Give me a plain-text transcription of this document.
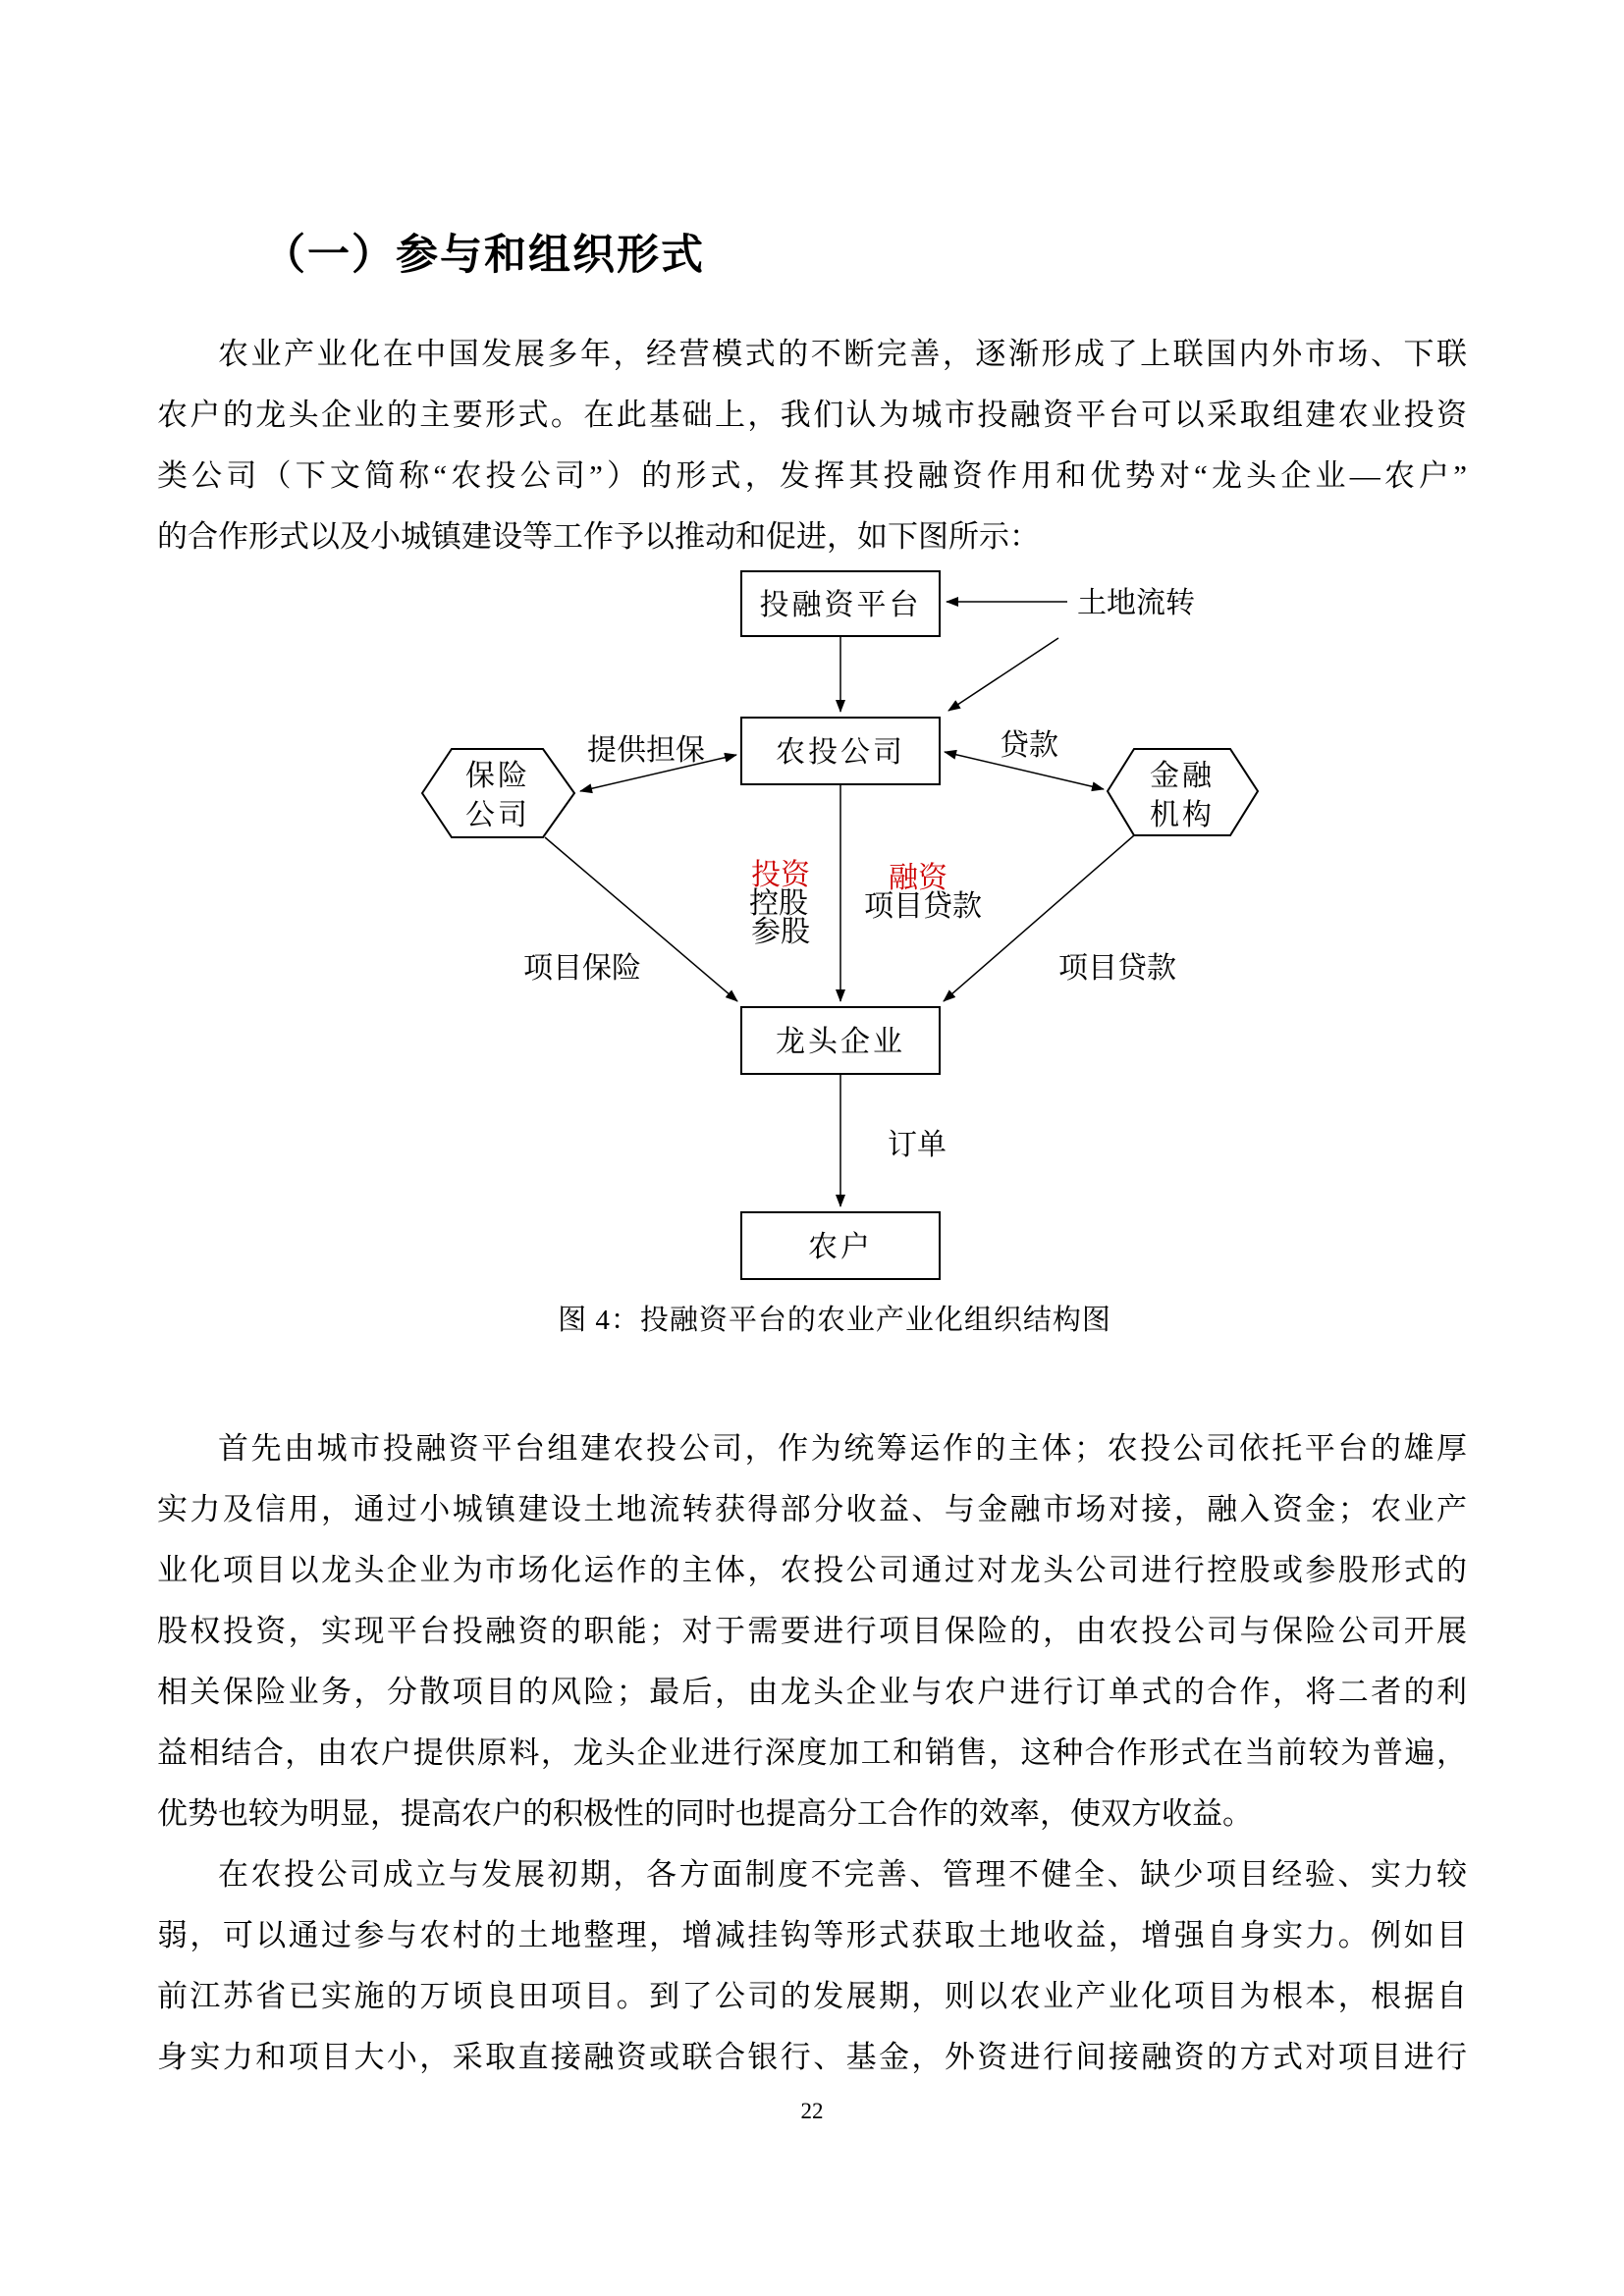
（一）参与和组织形式
农业产业化在中国发展多年，经营模式的不断完善，逐渐形成了上联国内外市场、下联
农户的龙头企业的主要形式。在此基础上，我们认为城市投融资平台可以采取组建农业投资
类公司（下文简称“农投公司”）的形式，发挥其投融资作用和优势对“龙头企业—农户”
的合作形式以及小城镇建设等工作予以推动和促进，如下图所示：
投融资平台
农投公司
保险
公司
金融
机构
龙头企业
农户
土地流转
提供担保	贷款
投资
控股
参股
融资
项目贷款
项目保险	项目贷款
订单
图 4：投融资平台的农业产业化组织结构图
首先由城市投融资平台组建农投公司，作为统筹运作的主体；农投公司依托平台的雄厚
实力及信用，通过小城镇建设土地流转获得部分收益、与金融市场对接，融入资金；农业产
业化项目以龙头企业为市场化运作的主体，农投公司通过对龙头公司进行控股或参股形式的
股权投资，实现平台投融资的职能；对于需要进行项目保险的，由农投公司与保险公司开展
相关保险业务，分散项目的风险；最后，由龙头企业与农户进行订单式的合作，将二者的利
益相结合，由农户提供原料，龙头企业进行深度加工和销售，这种合作形式在当前较为普遍，
优势也较为明显，提高农户的积极性的同时也提高分工合作的效率，使双方收益。
在农投公司成立与发展初期，各方面制度不完善、管理不健全、缺少项目经验、实力较
弱，可以通过参与农村的土地整理，增减挂钩等形式获取土地收益，增强自身实力。例如目
前江苏省已实施的万顷良田项目。到了公司的发展期，则以农业产业化项目为根本，根据自
身实力和项目大小，采取直接融资或联合银行、基金，外资进行间接融资的方式对项目进行
22
